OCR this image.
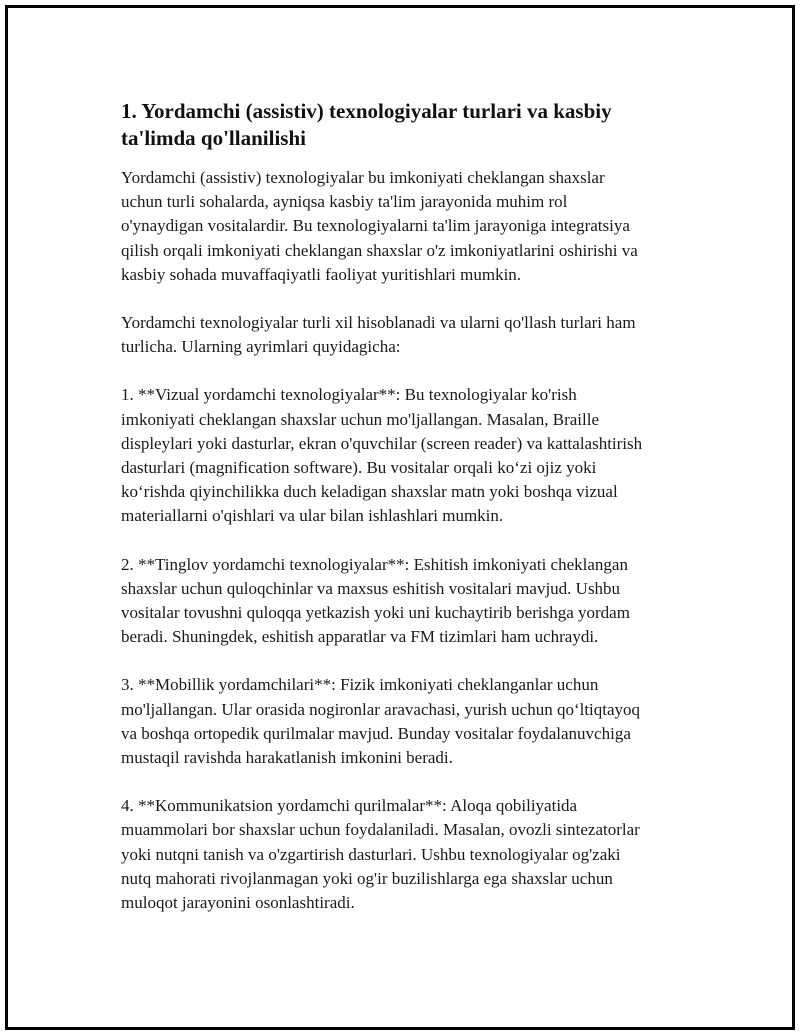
1. Yordamchi (assistiv) texnologiyalar turlari va kasbiy
ta'limda qo'llanilishi

Yordamchi (assistiv) texnologiyalar bu imkoniyati cheklangan shaxslar
uchun turli sohalarda, ayniqsa kasbiy ta'lim jarayonida muhim rol
o'ynaydigan vositalardir. Bu texnologiyalarni ta'lim jarayoniga integratsiya
qilish orqali imkoniyati cheklangan shaxslar o'z imkoniyatlarini oshirishi va
kasbiy sohada muvaffaqiyatli faoliyat yuritishlari mumkin.

Yordamchi texnologiyalar turli xil hisoblanadi va ularni qo'llash turlari ham
turlicha. Ularning ayrimlari quyidagicha:

1. **Vizual yordamchi texnologiyalar**: Bu texnologiyalar ko'rish
imkoniyati cheklangan shaxslar uchun mo'ljallangan. Masalan, Braille
displeylari yoki dasturlar, ekran o'quvchilar (screen reader) va kattalashtirish
dasturlari (magnification software). Bu vositalar orqali ko‘zi ojiz yoki
ko‘rishda qiyinchilikka duch keladigan shaxslar matn yoki boshqa vizual
materiallarni o'qishlari va ular bilan ishlashlari mumkin.

2. **Tinglov yordamchi texnologiyalar**: Eshitish imkoniyati cheklangan
shaxslar uchun quloqchinlar va maxsus eshitish vositalari mavjud. Ushbu
vositalar tovushni quloqqa yetkazish yoki uni kuchaytirib berishga yordam
beradi. Shuningdek, eshitish apparatlar va FM tizimlari ham uchraydi.

3. **Mobillik yordamchilari**: Fizik imkoniyati cheklanganlar uchun
mo'ljallangan. Ular orasida nogironlar aravachasi, yurish uchun qo‘ltiqtayoq
va boshqa ortopedik qurilmalar mavjud. Bunday vositalar foydalanuvchiga
mustaqil ravishda harakatlanish imkonini beradi.

4. **Kommunikatsion yordamchi qurilmalar**: Aloqa qobiliyatida
muammolari bor shaxslar uchun foydalaniladi. Masalan, ovozli sintezatorlar
yoki nutqni tanish va o'zgartirish dasturlari. Ushbu texnologiyalar og'zaki
nutq mahorati rivojlanmagan yoki og'ir buzilishlarga ega shaxslar uchun
muloqot jarayonini osonlashtiradi.
